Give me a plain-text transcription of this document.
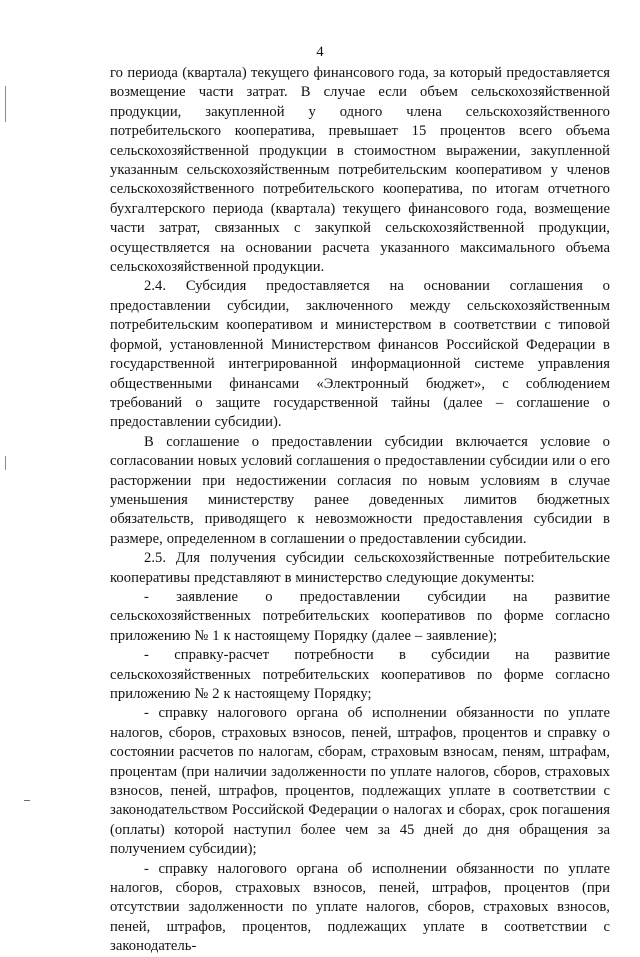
4

го периода (квартала) текущего финансового года, за который предоставляется возмещение части затрат. В случае если объем сельскохозяйственной продукции, закупленной у одного члена сельскохозяйственного потребительского кооператива, превышает 15 процентов всего объема сельскохозяйственной продукции в стоимостном выражении, закупленной указанным сельскохозяйственным потребительским кооперативом у членов сельскохозяйственного потребительского кооператива, по итогам отчетного бухгалтерского периода (квартала) текущего финансового года, возмещение части затрат, связанных с закупкой сельскохозяйственной продукции, осуществляется на основании расчета указанного максимального объема сельскохозяйственной продукции.

2.4. Субсидия предоставляется на основании соглашения о предоставлении субсидии, заключенного между сельскохозяйственным потребительским кооперативом и министерством в соответствии с типовой формой, установленной Министерством финансов Российской Федерации в государственной интегрированной информационной системе управления общественными финансами «Электронный бюджет», с соблюдением требований о защите государственной тайны (далее – соглашение о предоставлении субсидии).

В соглашение о предоставлении субсидии включается условие о согласовании новых условий соглашения о предоставлении субсидии или о его расторжении при недостижении согласия по новым условиям в случае уменьшения министерству ранее доведенных лимитов бюджетных обязательств, приводящего к невозможности предоставления субсидии в размере, определенном в соглашении о предоставлении субсидии.

2.5. Для получения субсидии сельскохозяйственные потребительские кооперативы представляют в министерство следующие документы:

- заявление о предоставлении субсидии на развитие сельскохозяйственных потребительских кооперативов по форме согласно приложению № 1 к настоящему Порядку (далее – заявление);

- справку-расчет потребности в субсидии на развитие сельскохозяйственных потребительских кооперативов по форме согласно приложению № 2 к настоящему Порядку;

- справку налогового органа об исполнении обязанности по уплате налогов, сборов, страховых взносов, пеней, штрафов, процентов и справку о состоянии расчетов по налогам, сборам, страховым взносам, пеням, штрафам, процентам (при наличии задолженности по уплате налогов, сборов, страховых взносов, пеней, штрафов, процентов, подлежащих уплате в соответствии с законодательством Российской Федерации о налогах и сборах, срок погашения (оплаты) которой наступил более чем за 45 дней до дня обращения за получением субсидии);

- справку налогового органа об исполнении обязанности по уплате налогов, сборов, страховых взносов, пеней, штрафов, процентов (при отсутствии задолженности по уплате налогов, сборов, страховых взносов, пеней, штрафов, процентов, подлежащих уплате в соответствии с законодатель-
